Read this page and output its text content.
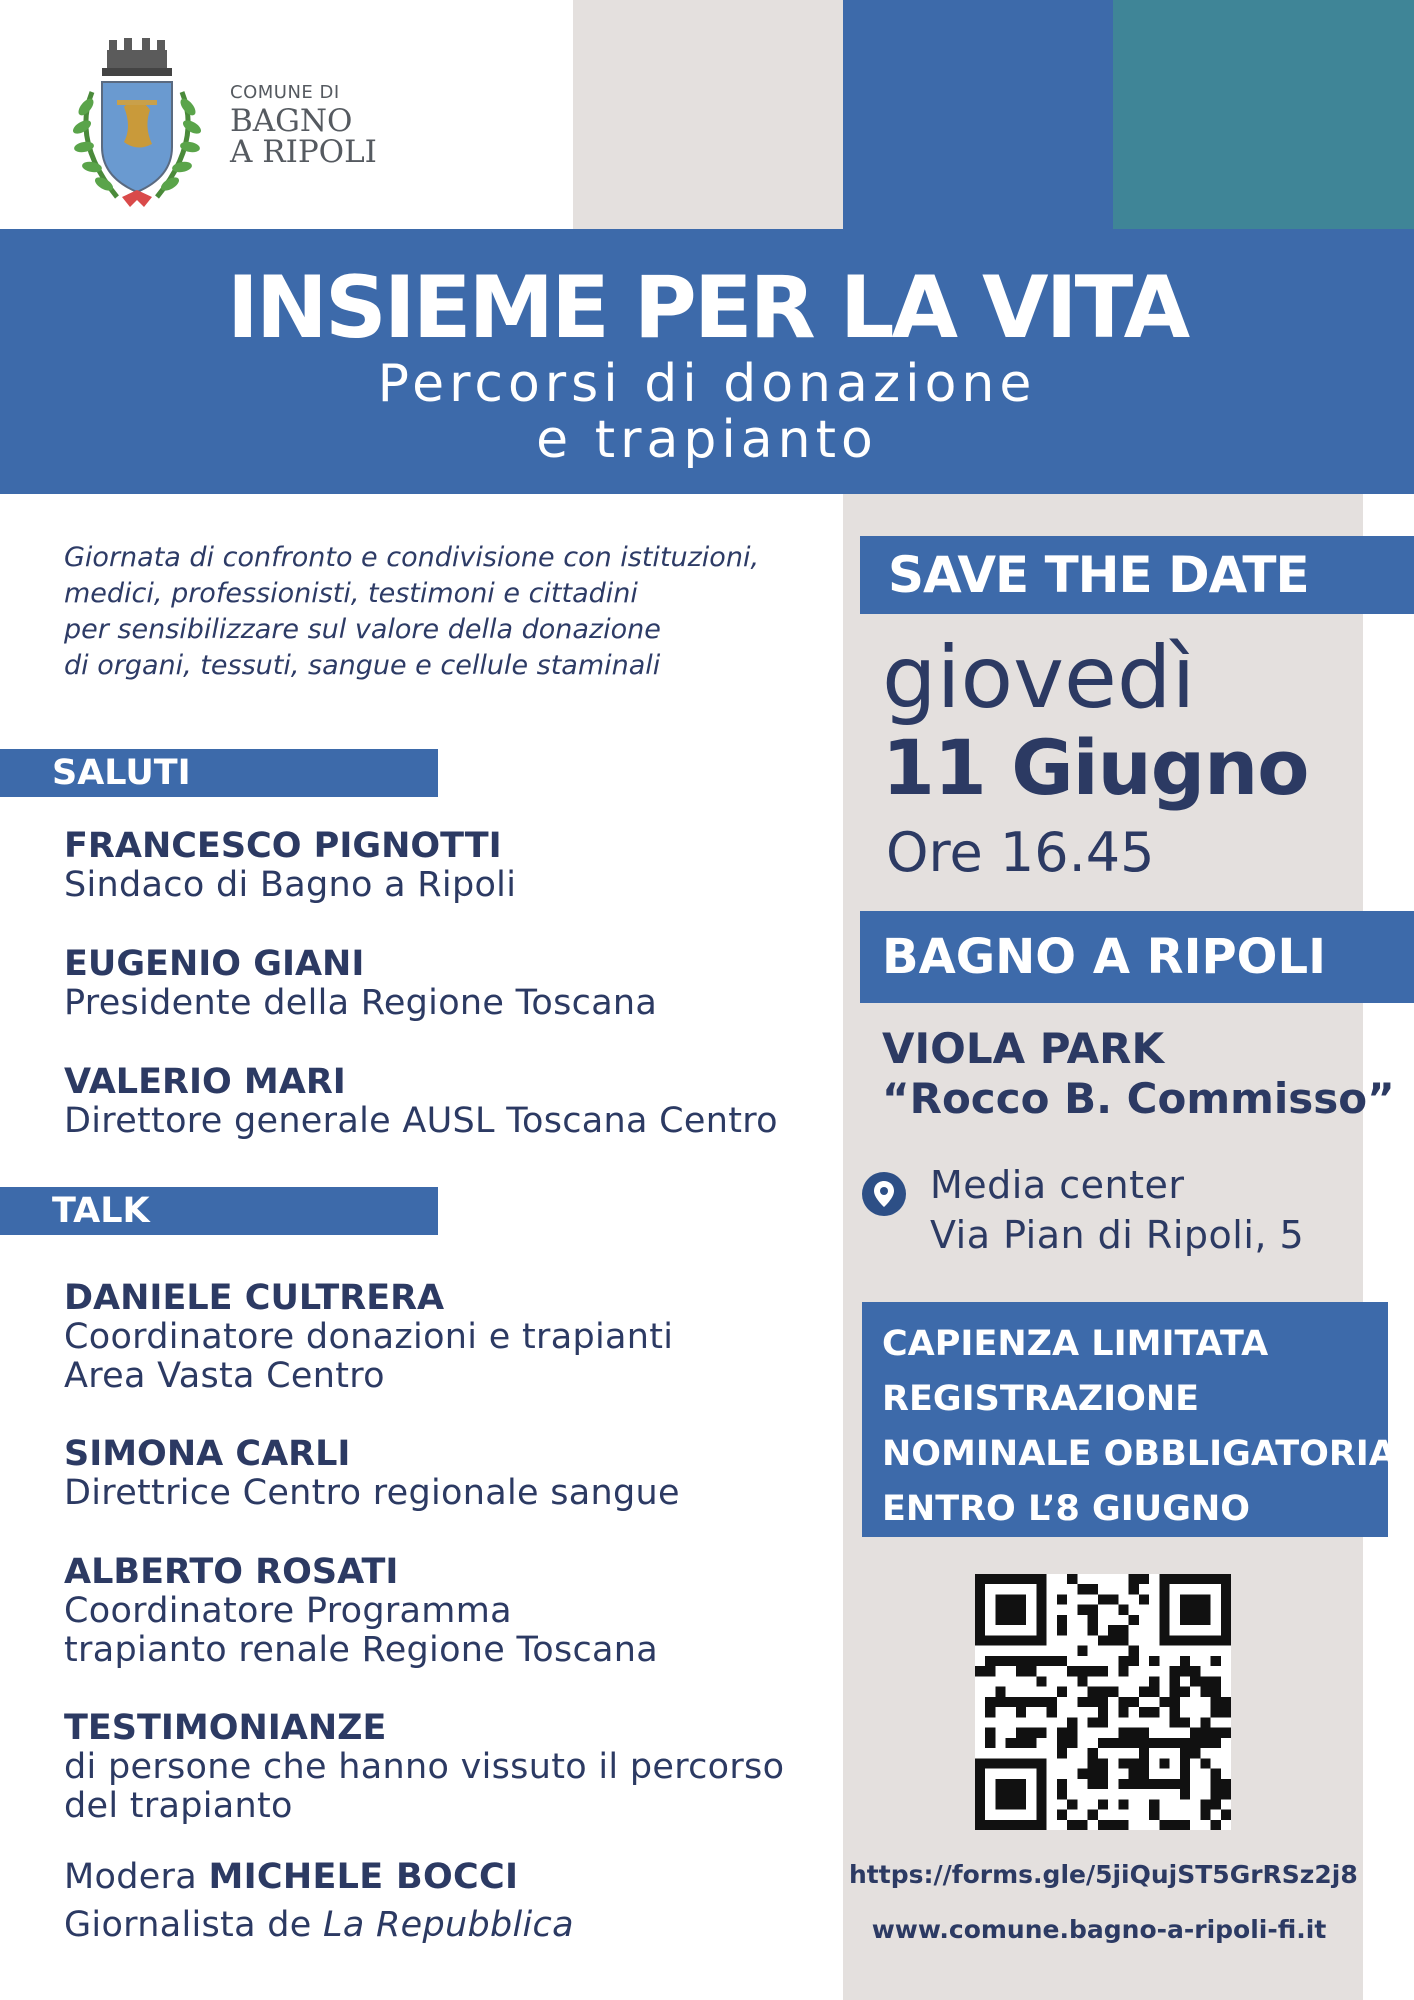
COMUNE DI
BAGNO
A RIPOLI
INSIEME PER LA VITA
Percorsi di donazione
e trapianto
Giornata di confronto e condivisione con istituzioni,
medici, professionisti, testimoni e cittadini
per sensibilizzare sul valore della donazione
di organi, tessuti, sangue e cellule staminali
SALUTI
FRANCESCO PIGNOTTI
Sindaco di Bagno a Ripoli
EUGENIO GIANI
Presidente della Regione Toscana
VALERIO MARI
Direttore generale AUSL Toscana Centro
TALK
DANIELE CULTRERA
Coordinatore donazioni e trapianti
Area Vasta Centro
SIMONA CARLI
Direttrice Centro regionale sangue
ALBERTO ROSATI
Coordinatore Programma
trapianto renale Regione Toscana
TESTIMONIANZE
di persone che hanno vissuto il percorso
del trapianto
Modera MICHELE BOCCI
Giornalista de La Repubblica
SAVE THE DATE
giovedì
11 Giugno
Ore 16.45
BAGNO A RIPOLI
VIOLA PARK
“Rocco B. Commisso”
Media center
Via Pian di Ripoli, 5
CAPIENZA LIMITATA
REGISTRAZIONE
NOMINALE OBBLIGATORIA
ENTRO L’8 GIUGNO
https://forms.gle/5jiQujST5GrRSz2j8
www.comune.bagno-a-ripoli-fi.it
